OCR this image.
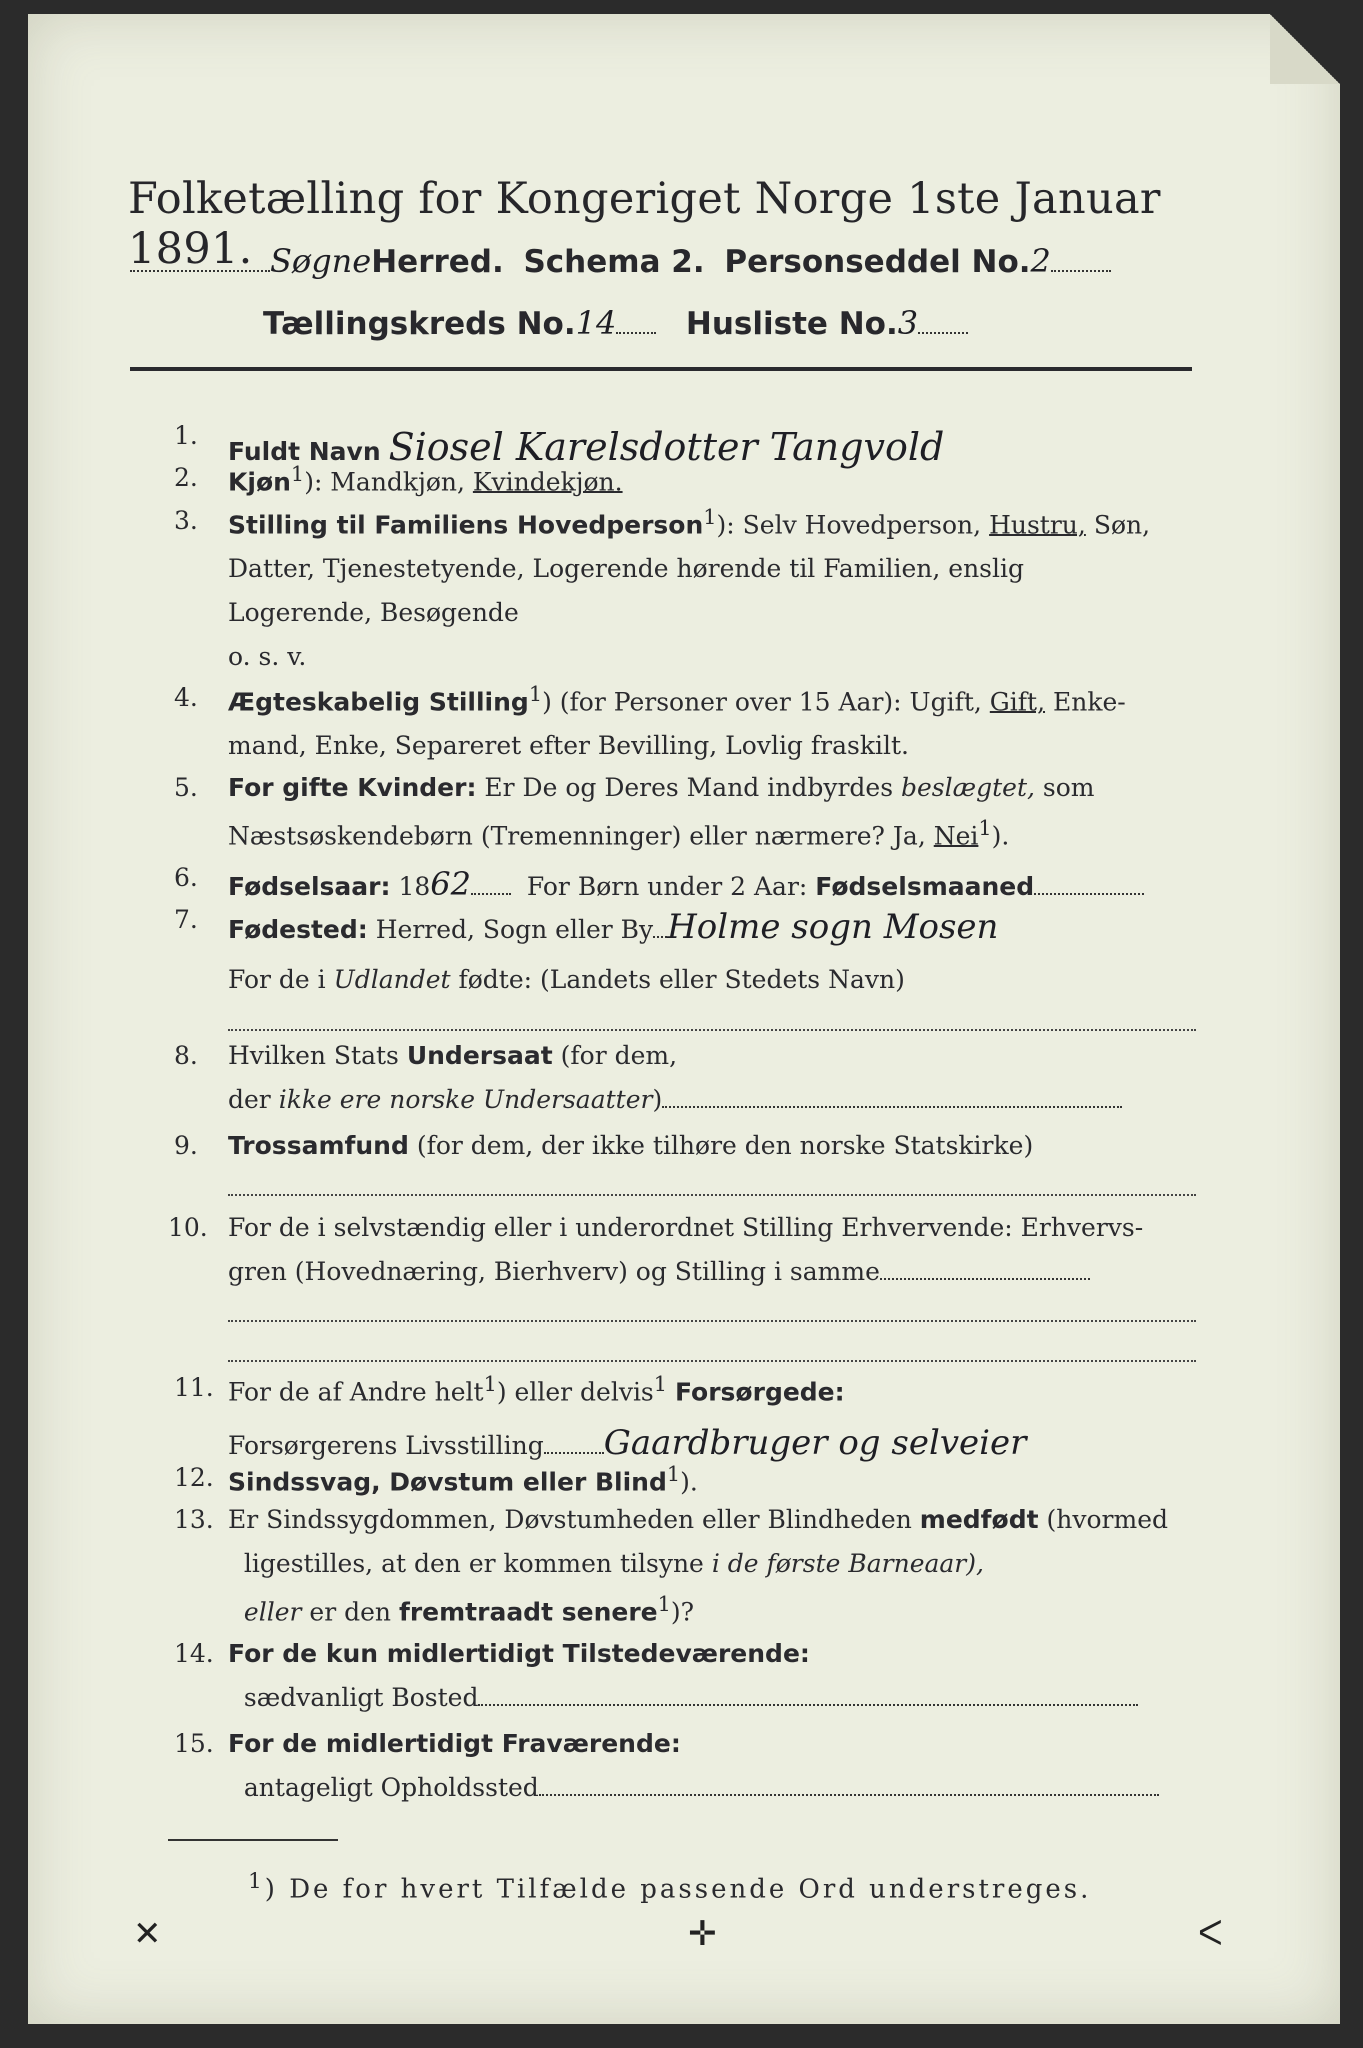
Folketælling for Kongeriget Norge 1ste Januar 1891. SøgneHerred. Schema 2. Personseddel No.2
Tællingskreds No.14 Husliste No.3
1.
Fuldt Navn Siosel Karelsdotter Tangvold
2.	Kjøn$^1$): Mandkjøn, Kvindekjøn.
3.	Stilling til Familiens Hovedperson$^1$): Selv Hovedperson, Hustru, Søn,
Datter, Tjenestetyende, Logerende hørende til Familien, enslig
Logerende, Besøgende
o. s. v.
4.	Ægteskabelig Stilling$^1$) (for Personer over 15 Aar): Ugift, Gift, Enke-
mand, Enke, Separeret efter Bevilling, Lovlig fraskilt.
5.	For gifte Kvinder: Er De og Deres Mand indbyrdes beslægtet, som
Næstsøskendebørn (Tremenninger) eller nærmere? Ja, Nei$^1$).
6.	Fødselsaar: 1862 For Børn under 2 Aar: Fødselsmaaned
7.	Fødested: Herred, Sogn eller By Holme sogn Mosen
For de i Udlandet fødte: (Landets eller Stedets Navn)
8.	Hvilken Stats Undersaat (for dem,
der ikke ere norske Undersaatter)
9.	Trossamfund (for dem, der ikke tilhøre den norske Statskirke)
10. For de i selvstændig eller i underordnet Stilling Erhvervende: Erhvervs-
gren (Hovednæring, Bierhverv) og Stilling i samme
11. For de af Andre helt$^1$) eller delvis$^1$ Forsørgede:
Forsørgerens Livsstilling Gaardbruger og selveier
12. Sindssvag, Døvstum eller Blind$^1$).
13. Er Sindssygdommen, Døvstumheden eller Blindheden medfødt (hvormed
ligestilles, at den er kommen tilsyne i de første Barneaar),
eller er den fremtraadt senere$^1$)?
14. For de kun midlertidigt Tilstedeværende:
sædvanligt Bosted
15. For de midlertidigt Fraværende:
antageligt Opholdssted
$^1$) De for hvert Tilfælde passende Ord understreges.
✕	✛	ᐸ
